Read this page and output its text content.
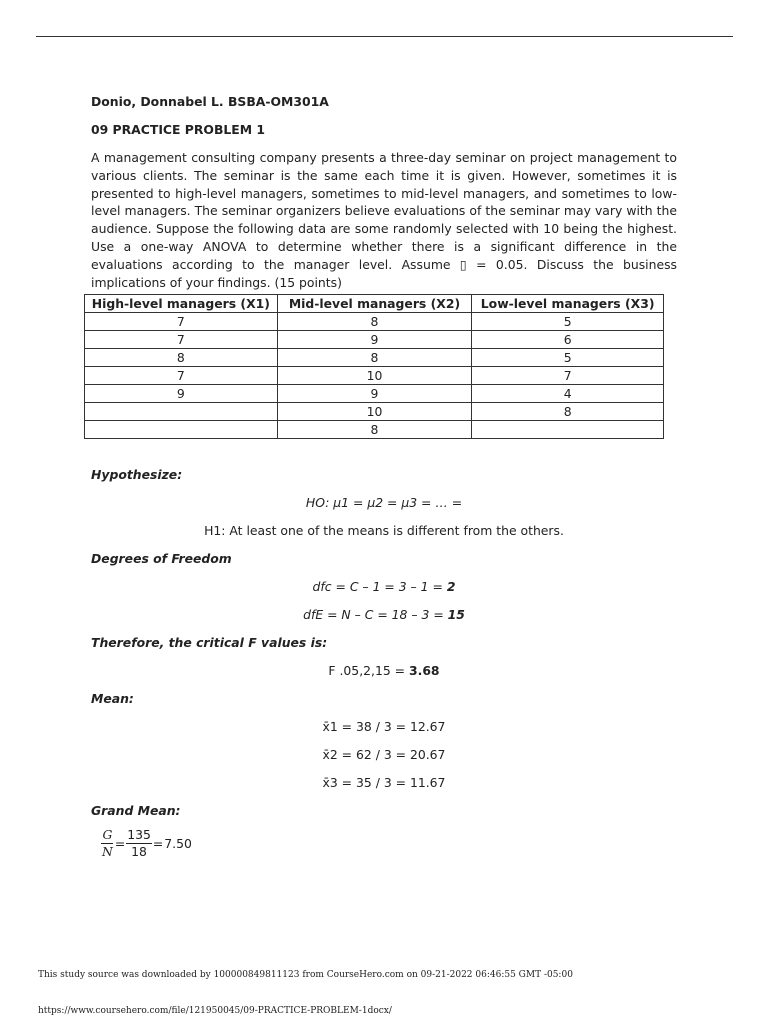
Donio, Donnabel L. BSBA-OM301A

09 PRACTICE PROBLEM 1

A management consulting company presents a three-day seminar on project management to various clients. The seminar is the same each time it is given. However, sometimes it is presented to high-level managers, sometimes to mid-level managers, and sometimes to low-level managers. The seminar organizers believe evaluations of the seminar may vary with the audience. Suppose the following data are some randomly selected with 10 being the highest. Use a one-way ANOVA to determine whether there is a significant difference in the evaluations according to the manager level. Assume ▯ = 0.05. Discuss the business implications of your findings. (15 points)

High-level managers (X1)	Mid-level managers (X2)	Low-level managers (X3)
7	8	5
7	9	6
8	8	5
7	10	7
9	9	4
	10	8
	8	

Hypothesize:

HO: μ1 = μ2 = μ3 = … =

H1: At least one of the means is different from the others.

Degrees of Freedom

dfc = C – 1 = 3 – 1 = 2

dfE = N – C = 18 – 3 = 15

Therefore, the critical F values is:

F .05,2,15 = 3.68

Mean:

x̄1 = 38 / 3 = 12.67

x̄2 = 62 / 3 = 20.67

x̄3 = 35 / 3 = 11.67

Grand Mean:

$\frac{G}{N} = \frac{135}{18} = 7.50$
This study source was downloaded by 100000849811123 from CourseHero.com on 09-21-2022 06:46:55 GMT -05:00
https://www.coursehero.com/file/121950045/09-PRACTICE-PROBLEM-1docx/
